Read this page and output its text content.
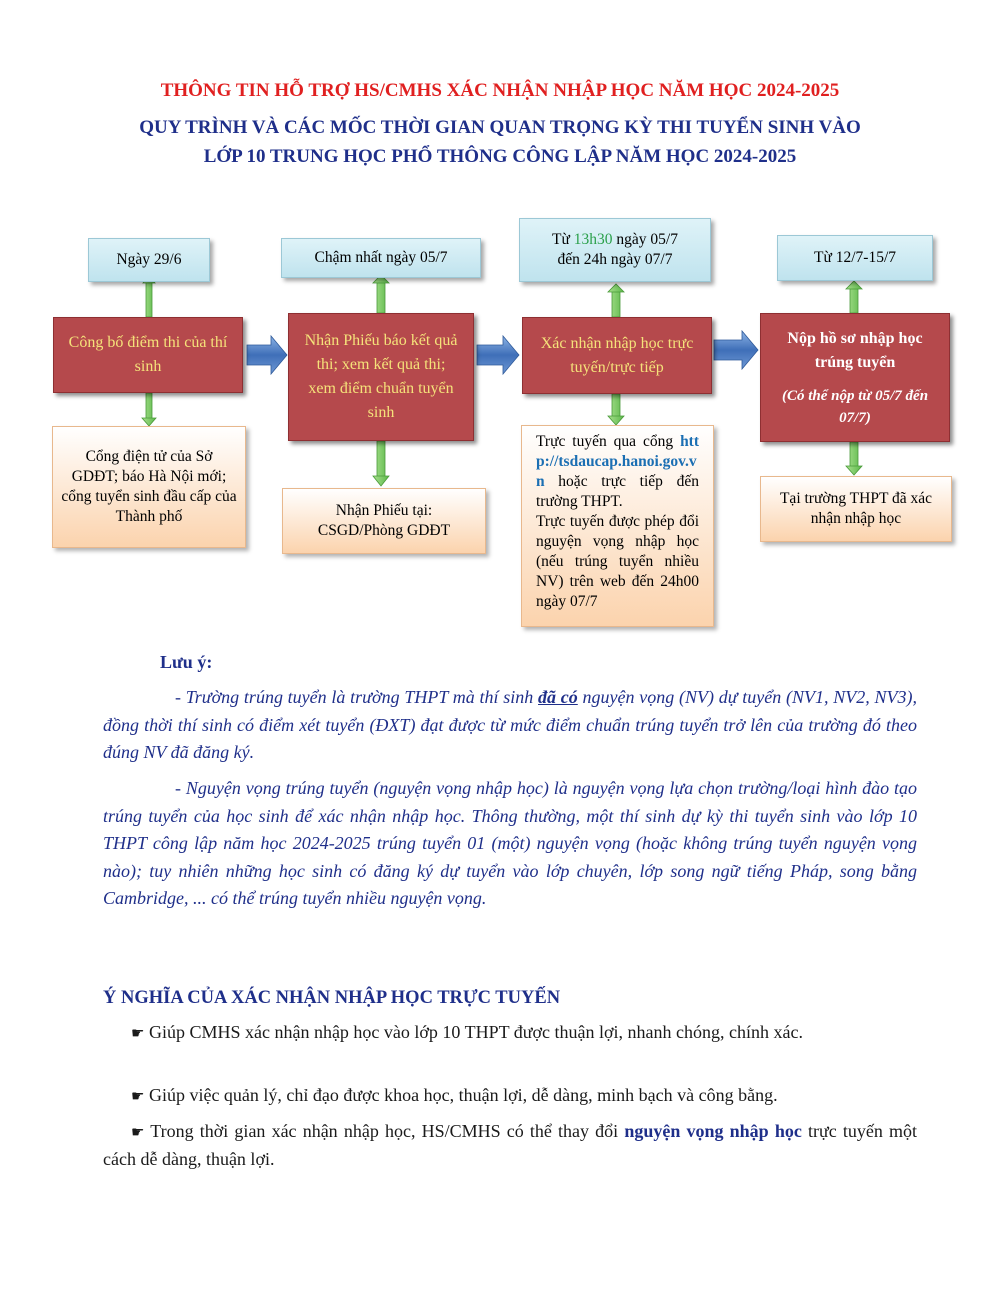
THÔNG TIN HỖ TRỢ HS/CMHS XÁC NHẬN NHẬP HỌC NĂM HỌC 2024-2025
QUY TRÌNH VÀ CÁC MỐC THỜI GIAN QUAN TRỌNG KỲ THI TUYỂN SINH VÀO
LỚP 10 TRUNG HỌC PHỔ THÔNG CÔNG LẬP NĂM HỌC 2024-2025
Ngày 29/6
Công bố điểm thi của thí sinh
Cổng điện tử của Sở GDĐT; báo Hà Nội mới; cổng tuyển sinh đầu cấp của Thành phố
Chậm nhất ngày 05/7
Nhận Phiếu báo kết quả thi; xem kết quả thi; xem điểm chuẩn tuyển sinh
Nhận Phiếu tại:
CSGD/Phòng GDĐT
Từ 13h30 ngày 05/7
đến 24h ngày 07/7
Xác nhận nhập học trực tuyến/trực tiếp
Trực tuyến qua cổng http://tsdaucap.hanoi.gov.vn hoặc trực tiếp đến trường THPT.
Trực tuyến được phép đổi nguyện vọng nhập học (nếu trúng tuyển nhiều NV) trên web đến 24h00 ngày 07/7
Từ 12/7-15/7
Nộp hồ sơ nhập học trúng tuyển
(Có thể nộp từ 05/7 đến 07/7)
Tại trường THPT đã xác nhận nhập học
Lưu ý:
- Trường trúng tuyển là trường THPT mà thí sinh đã có nguyện vọng (NV) dự tuyển (NV1, NV2, NV3), đồng thời thí sinh có điểm xét tuyển (ĐXT) đạt được từ mức điểm chuẩn trúng tuyển trở lên của trường đó theo đúng NV đã đăng ký.
- Nguyện vọng trúng tuyển (nguyện vọng nhập học) là nguyện vọng lựa chọn trường/loại hình đào tạo trúng tuyển của học sinh để xác nhận nhập học. Thông thường, một thí sinh dự kỳ thi tuyển sinh vào lớp 10 THPT công lập năm học 2024-2025 trúng tuyển 01 (một) nguyện vọng (hoặc không trúng tuyển nguyện vọng nào); tuy nhiên những học sinh có đăng ký dự tuyển vào lớp chuyên, lớp song ngữ tiếng Pháp, song bằng Cambridge, ... có thể trúng tuyển nhiều nguyện vọng.
Ý NGHĨA CỦA XÁC NHẬN NHẬP HỌC TRỰC TUYẾN
☛ Giúp CMHS xác nhận nhập học vào lớp 10 THPT được thuận lợi, nhanh chóng, chính xác.
☛ Giúp việc quản lý, chỉ đạo được khoa học, thuận lợi, dễ dàng, minh bạch và công bằng.
☛ Trong thời gian xác nhận nhập học, HS/CMHS có thể thay đổi nguyện vọng nhập học trực tuyến một cách dễ dàng, thuận lợi.
